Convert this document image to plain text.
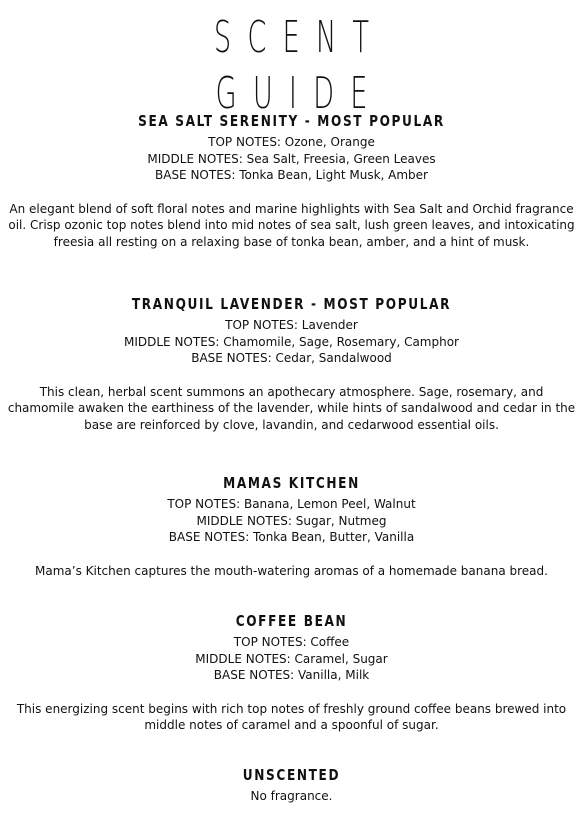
SCENT GUIDE
SEA SALT SERENITY - MOST POPULAR

TOP NOTES: Ozone, Orange

MIDDLE NOTES: Sea Salt, Freesia, Green Leaves

BASE NOTES: Tonka Bean, Light Musk, Amber

An elegant blend of soft floral notes and marine highlights with Sea Salt and Orchid fragrance oil. Crisp ozonic top notes blend into mid notes of sea salt, lush green leaves, and intoxicating freesia all resting on a relaxing base of tonka bean, amber, and a hint of musk.

TRANQUIL LAVENDER - MOST POPULAR

TOP NOTES: Lavender

MIDDLE NOTES: Chamomile, Sage, Rosemary, Camphor

BASE NOTES: Cedar, Sandalwood

This clean, herbal scent summons an apothecary atmosphere. Sage, rosemary, and chamomile awaken the earthiness of the lavender, while hints of sandalwood and cedar in the base are reinforced by clove, lavandin, and cedarwood essential oils.

MAMAS KITCHEN

TOP NOTES: Banana, Lemon Peel, Walnut

MIDDLE NOTES: Sugar, Nutmeg

BASE NOTES: Tonka Bean, Butter, Vanilla

Mama’s Kitchen captures the mouth-watering aromas of a homemade banana bread.

COFFEE BEAN

TOP NOTES: Coffee

MIDDLE NOTES: Caramel, Sugar

BASE NOTES: Vanilla, Milk

This energizing scent begins with rich top notes of freshly ground coffee beans brewed into middle notes of caramel and a spoonful of sugar.

UNSCENTED

No fragrance.
